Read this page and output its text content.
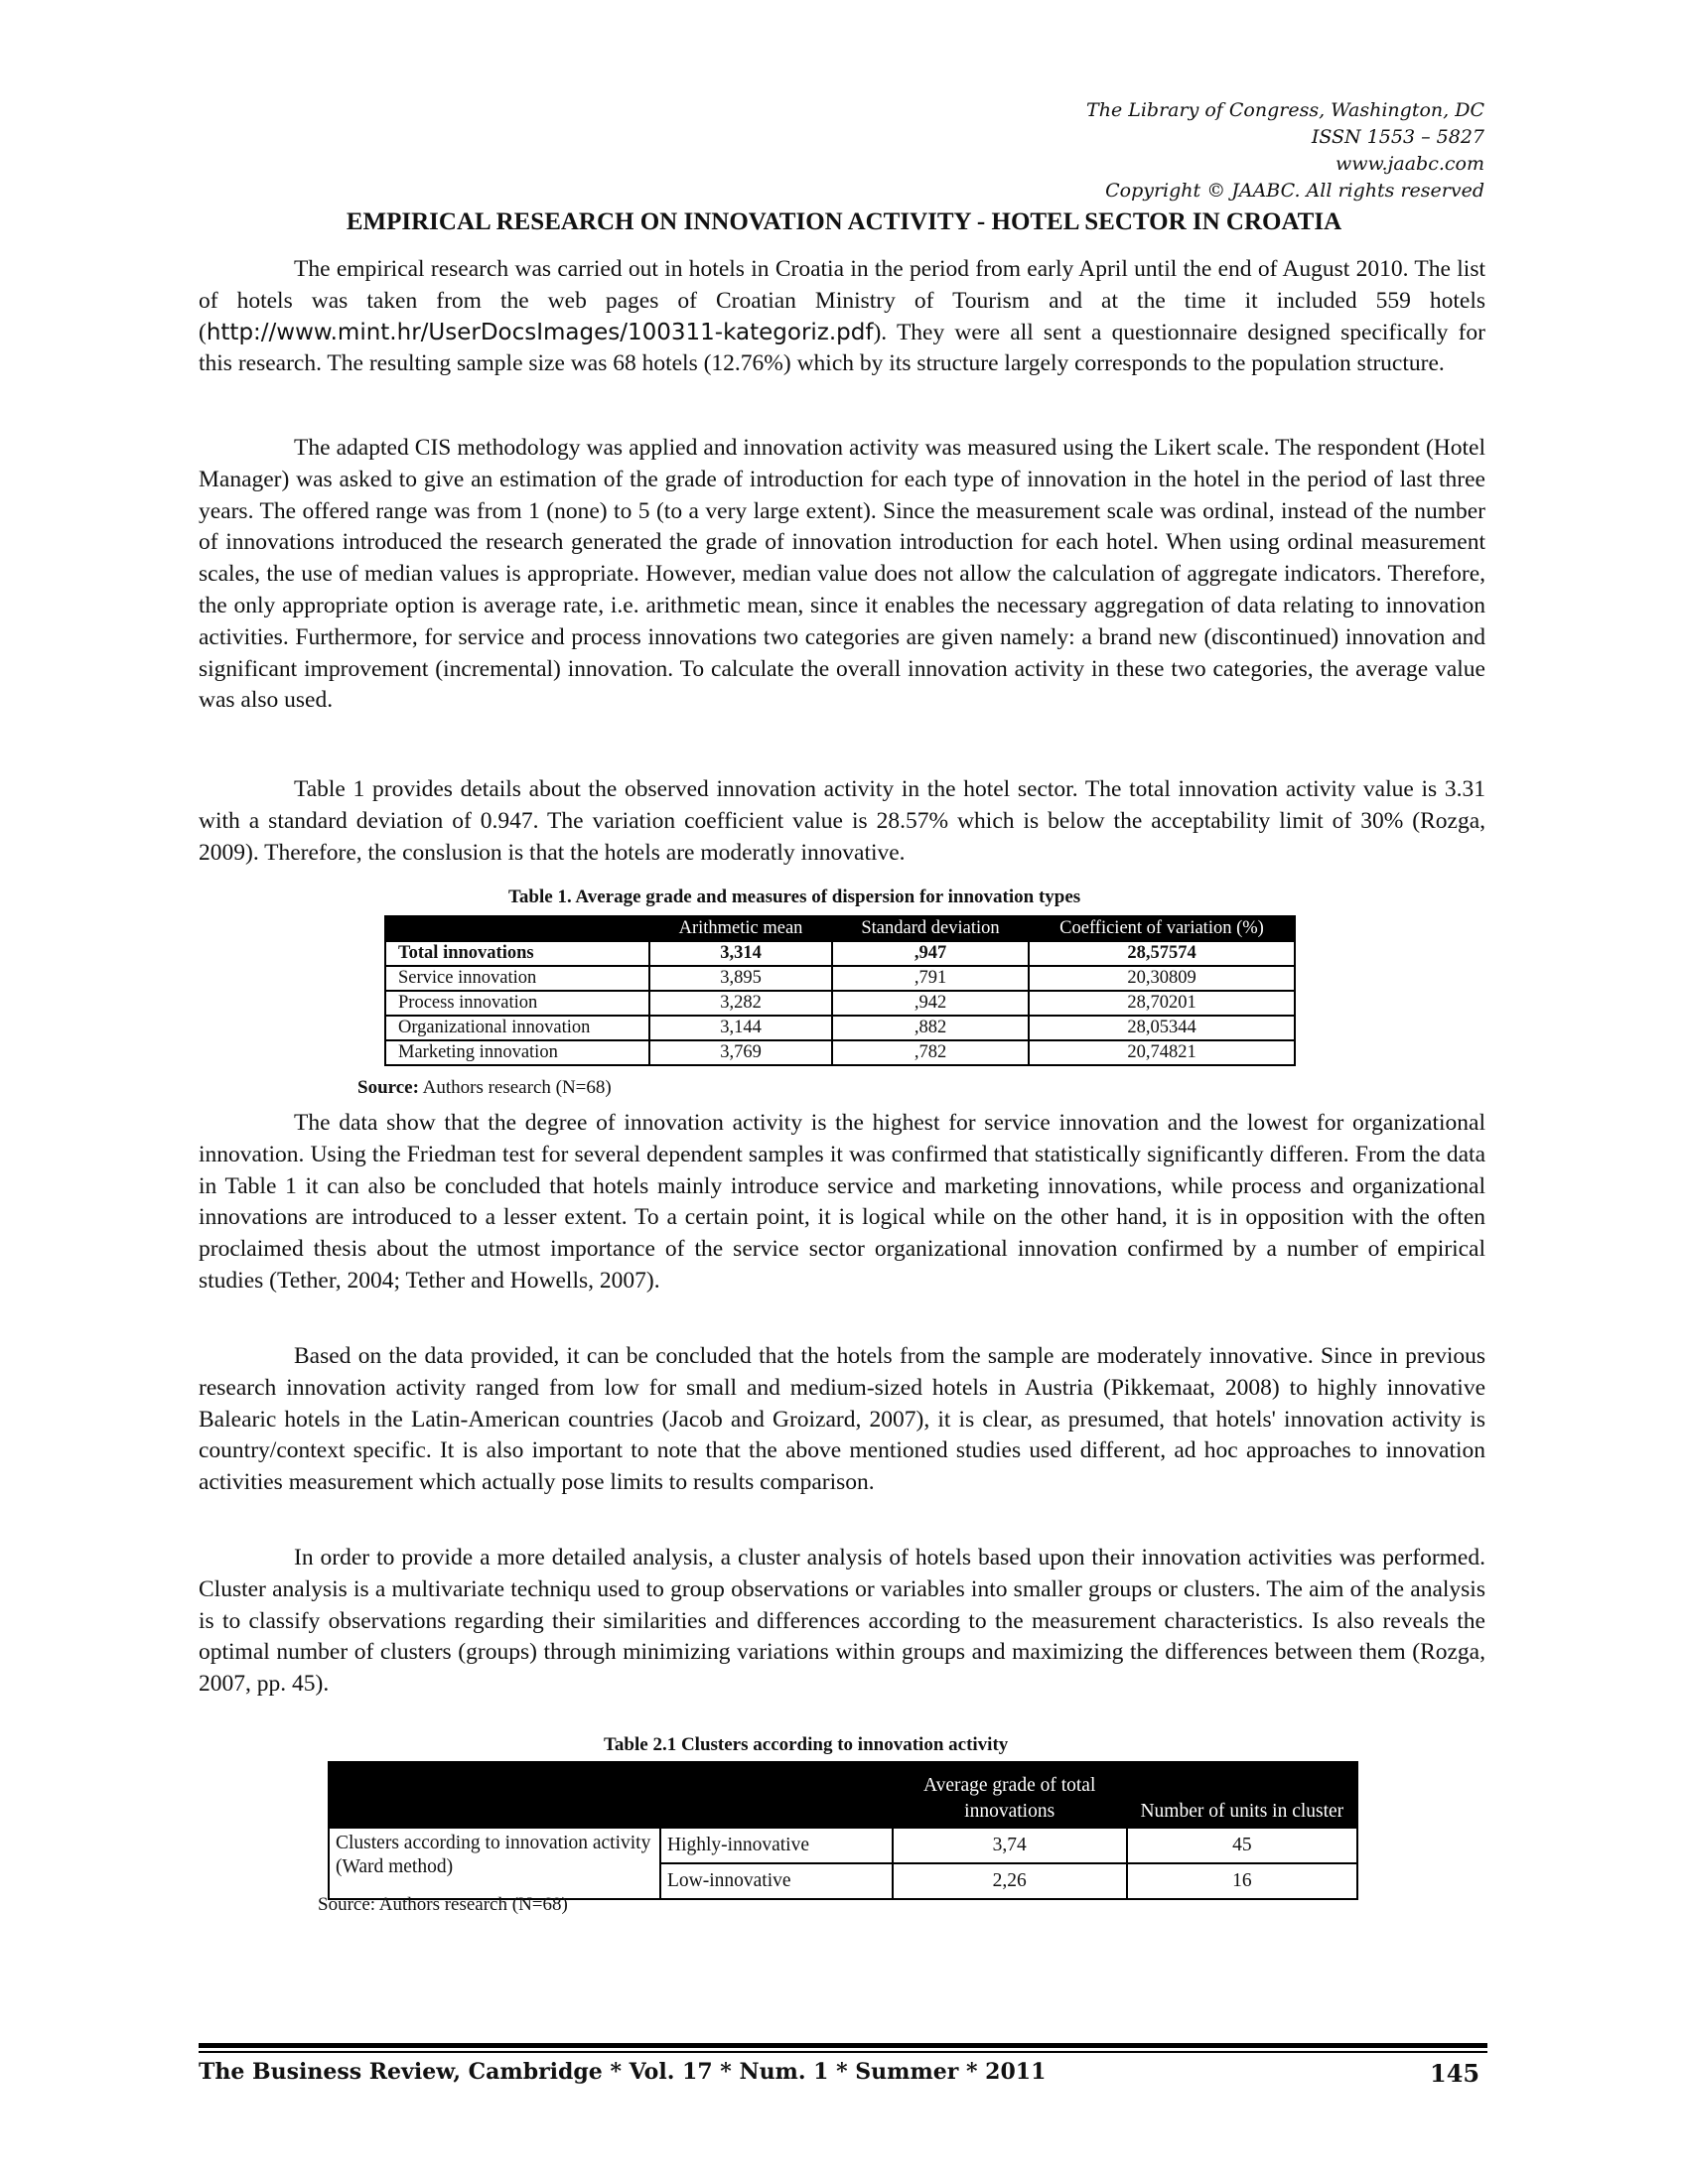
The Library of Congress, Washington, DC
ISSN 1553 – 5827
www.jaabc.com
Copyright © JAABC. All rights reserved
EMPIRICAL RESEARCH ON INNOVATION ACTIVITY - HOTEL SECTOR IN CROATIA

The empirical research was carried out in hotels in Croatia in the period from early April until the end of August 2010. The list of hotels was taken from the web pages of Croatian Ministry of Tourism and at the time it included 559 hotels (http://www.mint.hr/UserDocsImages/100311-kategoriz.pdf). They were all sent a questionnaire designed specifically for this research. The resulting sample size was 68 hotels (12.76%) which by its structure largely corresponds to the population structure.

The adapted CIS methodology was applied and innovation activity was measured using the Likert scale. The respondent (Hotel Manager) was asked to give an estimation of the grade of introduction for each type of innovation in the hotel in the period of last three years. The offered range was from 1 (none) to 5 (to a very large extent). Since the measurement scale was ordinal, instead of the number of innovations introduced the research generated the grade of innovation introduction for each hotel. When using ordinal measurement scales, the use of median values is appropriate. However, median value does not allow the calculation of aggregate indicators. Therefore, the only appropriate option is average rate, i.e. arithmetic mean, since it enables the necessary aggregation of data relating to innovation activities. Furthermore, for service and process innovations two categories are given namely: a brand new (discontinued) innovation and significant improvement (incremental) innovation. To calculate the overall innovation activity in these two categories, the average value was also used.

Table 1 provides details about the observed innovation activity in the hotel sector. The total innovation activity value is 3.31 with a standard deviation of 0.947. The variation coefficient value is 28.57% which is below the acceptability limit of 30% (Rozga, 2009). Therefore, the conslusion is that the hotels are moderatly innovative.

Table 1. Average grade and measures of dispersion for innovation types
	Arithmetic mean	Standard deviation	Coefficient of variation (%)
Total innovations	3,314	,947	28,57574
Service innovation	3,895	,791	20,30809
Process innovation	3,282	,942	28,70201
Organizational innovation	3,144	,882	28,05344
Marketing innovation	3,769	,782	20,74821
Source: Authors research (N=68)

The data show that the degree of innovation activity is the highest for service innovation and the lowest for organizational innovation. Using the Friedman test for several dependent samples it was confirmed that statistically significantly differen. From the data in Table 1 it can also be concluded that hotels mainly introduce service and marketing innovations, while process and organizational innovations are introduced to a lesser extent. To a certain point, it is logical while on the other hand, it is in opposition with the often proclaimed thesis about the utmost importance of the service sector organizational innovation confirmed by a number of empirical studies (Tether, 2004; Tether and Howells, 2007).

Based on the data provided, it can be concluded that the hotels from the sample are moderately innovative. Since in previous research innovation activity ranged from low for small and medium-sized hotels in Austria (Pikkemaat, 2008) to highly innovative Balearic hotels in the Latin-American countries (Jacob and Groizard, 2007), it is clear, as presumed, that hotels' innovation activity is country/context specific. It is also important to note that the above mentioned studies used different, ad hoc approaches to innovation activities measurement which actually pose limits to results comparison.

In order to provide a more detailed analysis, a cluster analysis of hotels based upon their innovation activities was performed. Cluster analysis is a multivariate techniqu used to group observations or variables into smaller groups or clusters. The aim of the analysis is to classify observations regarding their similarities and differences according to the measurement characteristics. Is also reveals the optimal number of clusters (groups) through minimizing variations within groups and maximizing the differences between them (Rozga, 2007, pp. 45).

Table 2.1 Clusters according to innovation activity
		Average grade of total innovations	Number of units in cluster
Clusters according to innovation activity (Ward method)	Highly-innovative	3,74	45
	Low-innovative	2,26	16
Source: Authors research (N=68)
The Business Review, Cambridge * Vol. 17 * Num. 1 * Summer * 2011	145
